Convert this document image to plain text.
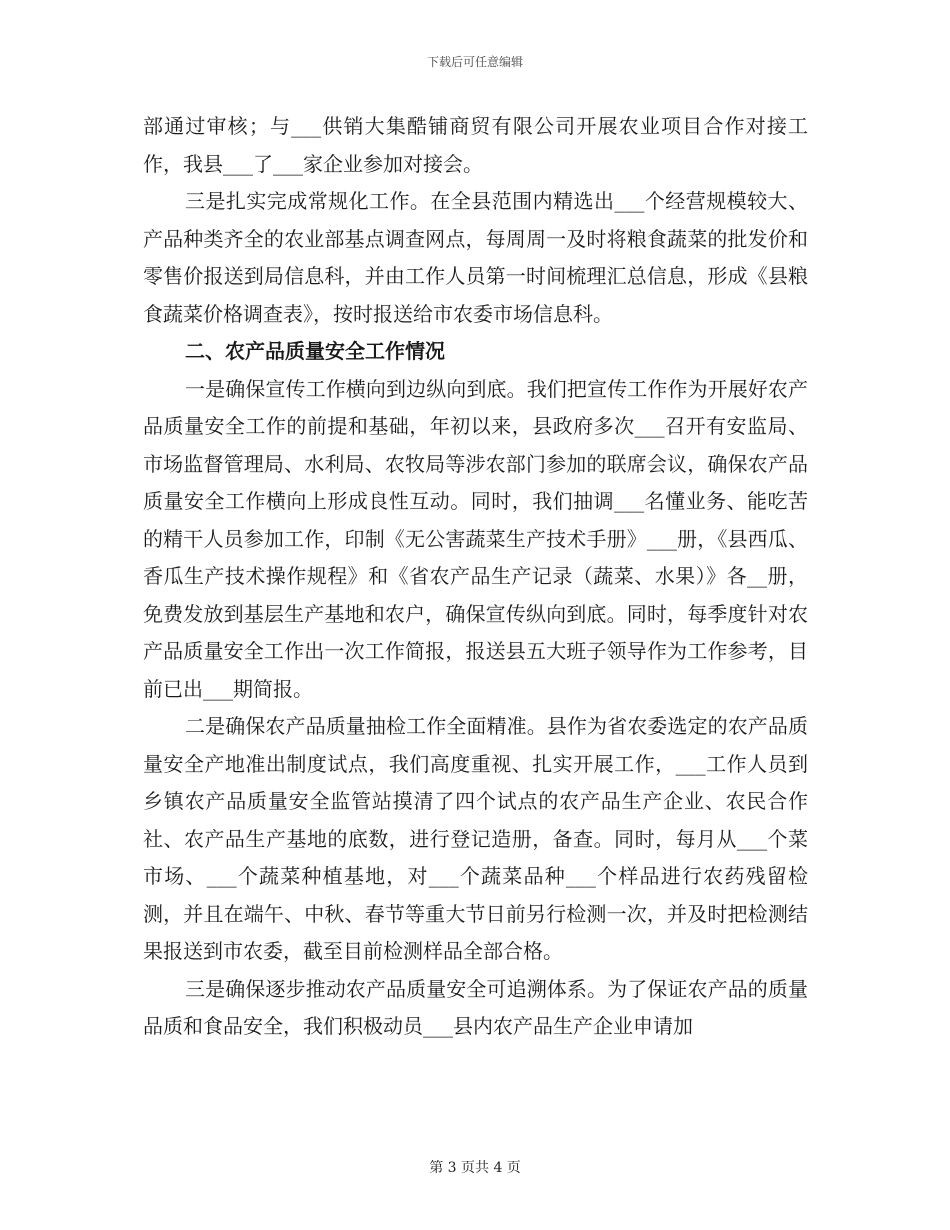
下载后可任意编辑

部通过审核；与___供销大集酷铺商贸有限公司开展农业项目合作对接工作，我县___了___家企业参加对接会。

三是扎实完成常规化工作。在全县范围内精选出___个经营规模较大、产品种类齐全的农业部基点调查网点，每周周一及时将粮食蔬菜的批发价和零售价报送到局信息科，并由工作人员第一时间梳理汇总信息，形成《县粮食蔬菜价格调查表》，按时报送给市农委市场信息科。

二、农产品质量安全工作情况

一是确保宣传工作横向到边纵向到底。我们把宣传工作作为开展好农产品质量安全工作的前提和基础，年初以来，县政府多次___召开有安监局、市场监督管理局、水利局、农牧局等涉农部门参加的联席会议，确保农产品质量安全工作横向上形成良性互动。同时，我们抽调___名懂业务、能吃苦的精干人员参加工作，印制《无公害蔬菜生产技术手册》___册，《县西瓜、香瓜生产技术操作规程》和《省农产品生产记录（蔬菜、水果）》各__册，免费发放到基层生产基地和农户，确保宣传纵向到底。同时，每季度针对农产品质量安全工作出一次工作简报，报送县五大班子领导作为工作参考，目前已出___期简报。

二是确保农产品质量抽检工作全面精准。县作为省农委选定的农产品质量安全产地准出制度试点，我们高度重视、扎实开展工作，___工作人员到乡镇农产品质量安全监管站摸清了四个试点的农产品生产企业、农民合作社、农产品生产基地的底数，进行登记造册，备查。同时，每月从___个菜市场、___个蔬菜种植基地，对___个蔬菜品种___个样品进行农药残留检测，并且在端午、中秋、春节等重大节日前另行检测一次，并及时把检测结果报送到市农委，截至目前检测样品全部合格。

三是确保逐步推动农产品质量安全可追溯体系。为了保证农产品的质量品质和食品安全，我们积极动员___县内农产品生产企业申请加

第 3 页共 4 页
